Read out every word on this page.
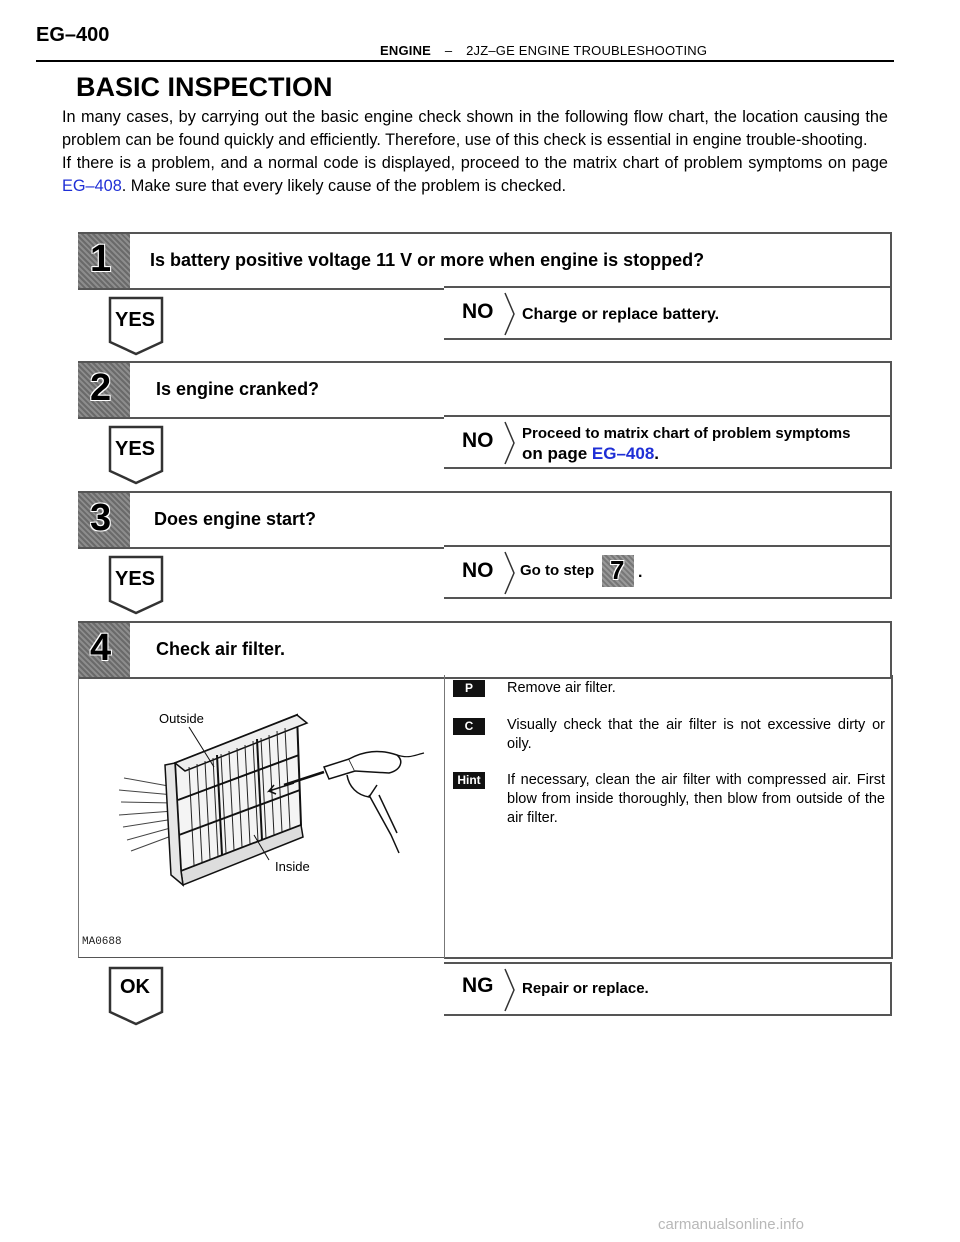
EG–400
ENGINE – 2JZ–GE ENGINE TROUBLESHOOTING
BASIC INSPECTION

In many cases, by carrying out the basic engine check shown in the following flow chart, the location causing the problem can be found quickly and efficiently. Therefore, use of this check is essential in engine trouble-shooting.

If there is a problem, and a normal code is displayed, proceed to the matrix chart of problem symptoms on page EG–408. Make sure that every likely cause of the problem is checked.

1 Is battery positive voltage 11 V or more when engine is stopped?
YES	NO Charge or replace battery.
2 Is engine cranked?
YES	NO Proceed to matrix chart of problem symptoms
on page EG–408.
3 Does engine start?
YES	NO Go to step 7 .
4 Check air filter.
Outside
Inside
MA0688
P	Remove air filter.
C	Visually check that the air filter is not excessive dirty or oily.
Hint If necessary, clean the air filter with compressed air. First blow from inside thoroughly, then blow from outside of the air filter.
OK	NG Repair or replace.
carmanualsonline.info
